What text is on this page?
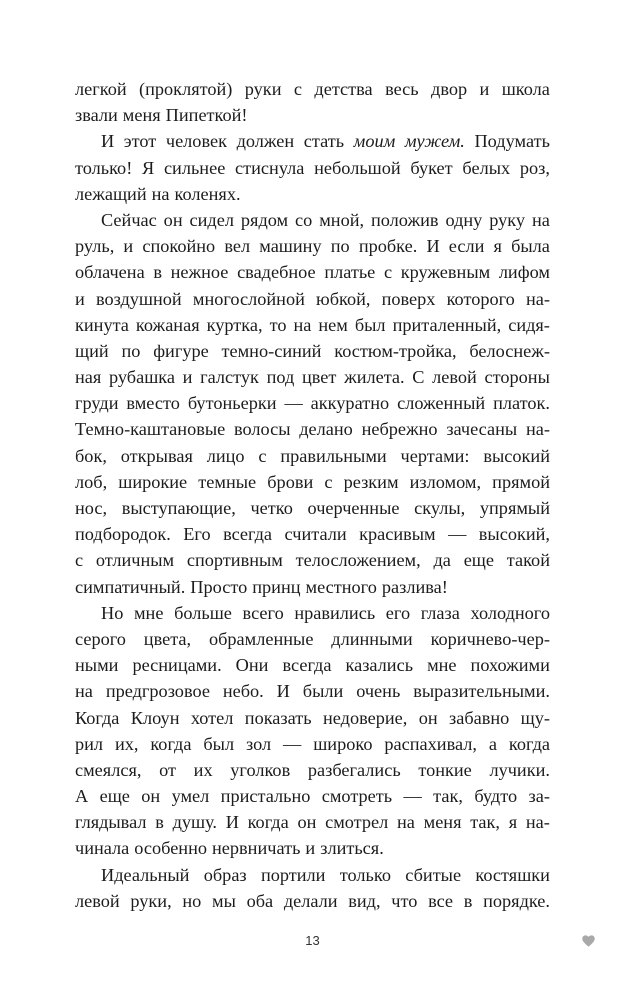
легкой (проклятой) руки с детства весь двор и школа
звали меня Пипеткой!
И этот человек должен стать моим мужем. Подумать
только! Я сильнее стиснула небольшой букет белых роз,
лежащий на коленях.
Сейчас он сидел рядом со мной, положив одну руку на
руль, и спокойно вел машину по пробке. И если я была
облачена в нежное свадебное платье с кружевным лифом
и воздушной многослойной юбкой, поверх которого на-
кинута кожаная куртка, то на нем был приталенный, сидя-
щий по фигуре темно-синий костюм-тройка, белоснеж-
ная рубашка и галстук под цвет жилета. С левой стороны
груди вместо бутоньерки — аккуратно сложенный платок.
Темно-каштановые волосы делано небрежно зачесаны на-
бок, открывая лицо с правильными чертами: высокий
лоб, широкие темные брови с резким изломом, прямой
нос, выступающие, четко очерченные скулы, упрямый
подбородок. Его всегда считали красивым — высокий,
с отличным спортивным телосложением, да еще такой
симпатичный. Просто принц местного разлива!
Но мне больше всего нравились его глаза холодного
серого цвета, обрамленные длинными коричнево-чер-
ными ресницами. Они всегда казались мне похожими
на предгрозовое небо. И были очень выразительными.
Когда Клоун хотел показать недоверие, он забавно щу-
рил их, когда был зол — широко распахивал, а когда
смеялся, от их уголков разбегались тонкие лучики.
А еще он умел пристально смотреть — так, будто за-
глядывал в душу. И когда он смотрел на меня так, я на-
чинала особенно нервничать и злиться.
Идеальный образ портили только сбитые костяшки
левой руки, но мы оба делали вид, что все в порядке.
13
